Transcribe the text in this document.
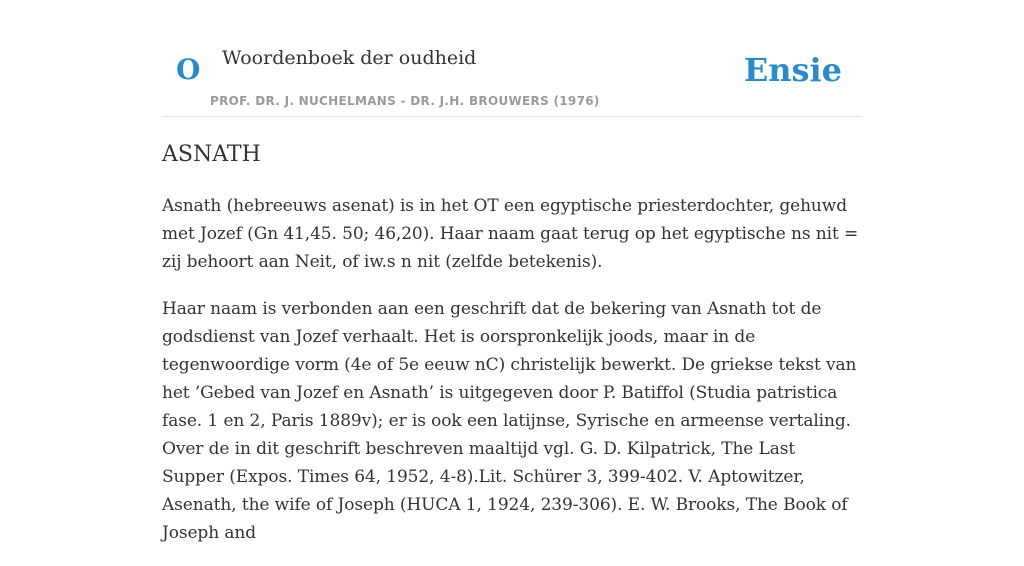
O Woordenboek der oudheid
PROF. DR. J. NUCHELMANS - DR. J.H. BROUWERS (1976)
Ensie
ASNATH

Asnath (hebreeuws asenat) is in het OT een egyptische priesterdochter, gehuwd met Jozef (Gn 41,45. 50; 46,20). Haar naam gaat terug op het egyptische ns nit = zij behoort aan Neit, of iw.s n nit (zelfde betekenis).

Haar naam is verbonden aan een geschrift dat de bekering van Asnath tot de godsdienst van Jozef verhaalt. Het is oorspronkelijk joods, maar in de tegenwoordige vorm (4e of 5e eeuw nC) christelijk bewerkt. De griekse tekst van het ’Gebed van Jozef en Asnath’ is uitgegeven door P. Batiffol (Studia patristica fase. 1 en 2, Paris 1889v); er is ook een latijnse, Syrische en armeense vertaling. Over de in dit geschrift beschreven maaltijd vgl. G. D. Kilpatrick, The Last Supper (Expos. Times 64, 1952, 4-8).Lit. Schürer 3, 399-402. V. Aptowitzer, Asenath, the wife of Joseph (HUCA 1, 1924, 239-306). E. W. Brooks, The Book of Joseph and
